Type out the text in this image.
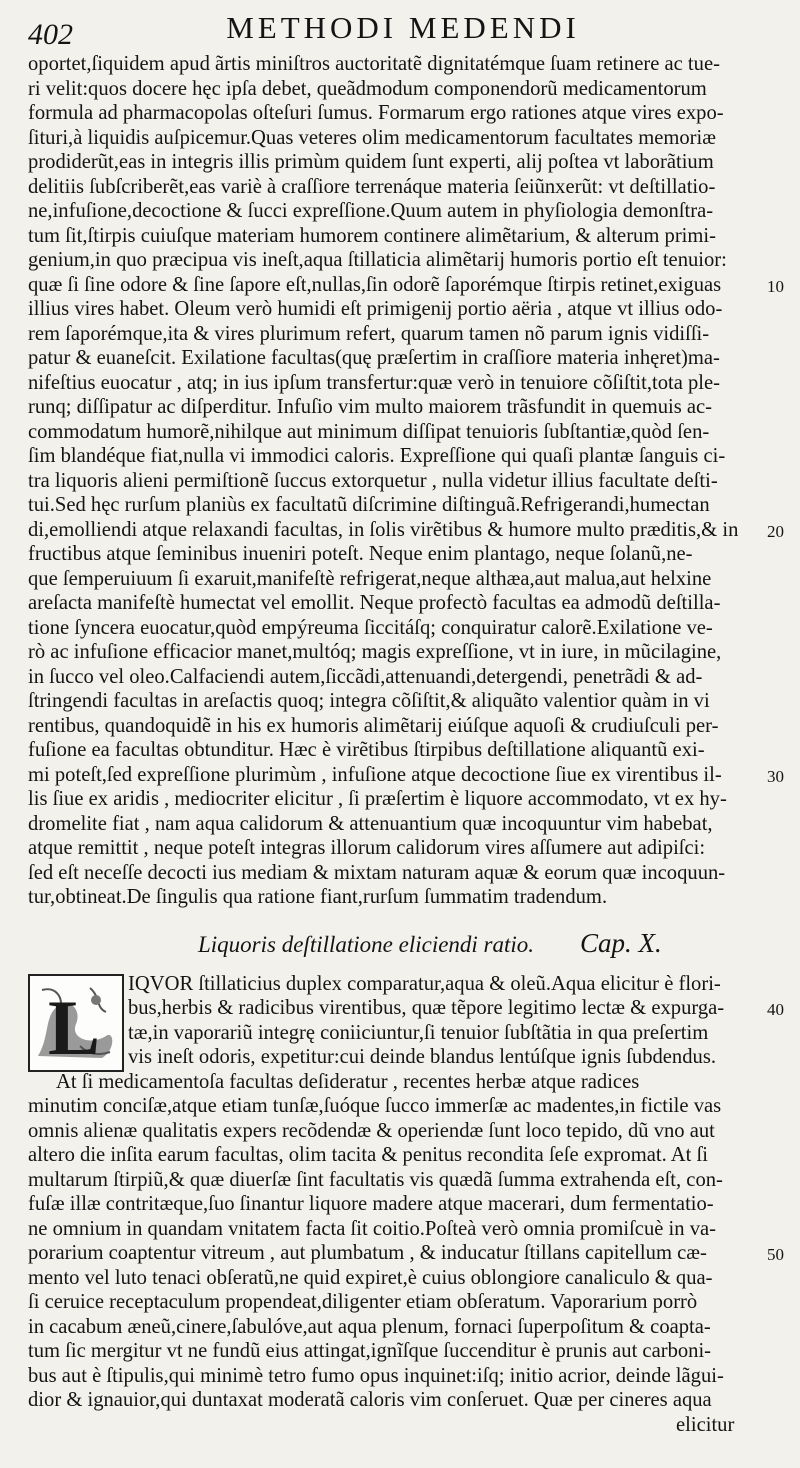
402	METHODI MEDENDI
oportet,ſiquidem apud ãrtis miniſtros auctoritatẽ dignitatémque ſuam retinere ac tue-
ri velit:quos docere hęc ipſa debet, queãdmodum componendorũ medicamentorum
formula ad pharmacopolas oſteſuri ſumus. Formarum ergo rationes atque vires expo-
ſituri,à liquidis auſpicemur.Quas veteres olim medicamentorum facultates memoriæ
prodiderũt,eas in integris illis primùm quidem ſunt experti, alij poſtea vt laborãtium
delitiis ſubſcriberẽt,eas variè à craſſiore terrenáque materia ſeiũnxerũt: vt deſtillatio-
ne,infuſione,decoctione & ſucci expreſſione.Quum autem in phyſiologia demonſtra-
tum ſit,ſtirpis cuiuſque materiam humorem continere alimẽtarium, & alterum primi-
genium,in quo præcipua vis ineſt,aqua ſtillaticia alimẽtarij humoris portio eſt tenuior:
quæ ſi ſine odore & ſine ſapore eſt,nullas,ſin odorẽ ſaporémque ſtirpis retinet,exiguas	10
illius vires habet. Oleum verò humidi eſt primigenij portio aëria , atque vt illius odo-
rem ſaporémque,ita & vires plurimum refert, quarum tamen nõ parum ignis vidiſſi-
patur & euaneſcit. Exilatione facultas(quę præſertim in craſſiore materia inhęret)ma-
nifeſtius euocatur , atq; in ius ipſum transfertur:quæ verò in tenuiore cõſiſtit,tota ple-
runq; diſſipatur ac diſperditur. Infuſio vim multo maiorem trãsfundit in quemuis ac-
commodatum humorẽ,nihilque aut minimum diſſipat tenuioris ſubſtantiæ,quòd ſen-
ſim blandéque fiat,nulla vi immodici caloris. Expreſſione qui quaſi plantæ ſanguis ci-
tra liquoris alieni permiſtionẽ ſuccus extorquetur , nulla videtur illius facultate deſti-
tui.Sed hęc rurſum planiùs ex facultatũ diſcrimine diſtinguã.Refrigerandi,humectan
di,emolliendi atque relaxandi facultas, in ſolis virẽtibus & humore multo præditis,& in 20
fructibus atque ſeminibus inueniri poteſt. Neque enim plantago, neque ſolanũ,ne-
que ſemperuiuum ſi exaruit,manifeſtè refrigerat,neque althæa,aut malua,aut helxine
areſacta manifeſtè humectat vel emollit. Neque profectò facultas ea admodũ deſtilla-
tione ſyncera euocatur,quòd empýreuma ſiccitáſq; conquiratur calorẽ.Exilatione ve-
rò ac infuſione efficacior manet,multóq; magis expreſſione, vt in iure, in mũcilagine,
in ſucco vel oleo.Calfaciendi autem,ſiccãdi,attenuandi,detergendi, penetrãdi & ad-
ſtringendi facultas in areſactis quoq; integra cõſiſtit,& aliquãto valentior quàm in vi
rentibus, quandoquidẽ in his ex humoris alimẽtarij eiúſque aquoſi & crudiuſculi per-
fuſione ea facultas obtunditur. Hæc è virẽtibus ſtirpibus deſtillatione aliquantũ exi-
mi poteſt,ſed expreſſione plurimùm , infuſione atque decoctione ſiue ex virentibus il-	30
lis ſiue ex aridis , mediocriter elicitur , ſi præſertim è liquore accommodato, vt ex hy-
dromelite fiat , nam aqua calidorum & attenuantium quæ incoquuntur vim habebat,
atque remittit , neque poteſt integras illorum calidorum vires aſſumere aut adipiſci:
ſed eſt neceſſe decocti ius mediam & mixtam naturam aquæ & eorum quæ incoquun-
tur,obtineat.De ſingulis qua ratione fiant,rurſum ſummatim tradendum.
Liquoris deſtillatione eliciendi ratio. Cap. X.
L	IQVOR ſtillaticius duplex comparatur,aqua & oleũ.Aqua elicitur è flori-
bus,herbis & radicibus virentibus, quæ tẽpore legitimo lectæ & expurga-	40
tæ,in vaporariũ integrę coniiciuntur,ſi tenuior ſubſtãtia in qua preſertim
vis ineſt odoris, expetitur:cui deinde blandus lentúſque ignis ſubdendus.
At ſi medicamentoſa facultas deſideratur , recentes herbæ atque radices
minutim conciſæ,atque etiam tunſæ,ſuóque ſucco immerſæ ac madentes,in fictile vas
omnis alienæ qualitatis expers recõdendæ & operiendæ ſunt loco tepido, dũ vno aut
altero die inſita earum facultas, olim tacita & penitus recondita ſeſe expromat. At ſi
multarum ſtirpiũ,& quæ diuerſæ ſint facultatis vis quædã ſumma extrahenda eſt, con-
fuſæ illæ contritæque,ſuo ſinantur liquore madere atque macerari, dum fermentatio-
ne omnium in quandam vnitatem facta ſit coitio.Poſteà verò omnia promiſcuè in va-
porarium coaptentur vitreum , aut plumbatum , & inducatur ſtillans capitellum cæ-	50
mento vel luto tenaci obſeratũ,ne quid expiret,è cuius oblongiore canaliculo & qua-
ſi ceruice receptaculum propendeat,diligenter etiam obſeratum. Vaporarium porrò
in cacabum æneũ,cinere,ſabulóve,aut aqua plenum, fornaci ſuperpoſitum & coapta-
tum ſic mergitur vt ne fundũ eius attingat,ignĩſque ſuccenditur è prunis aut carboni-
bus aut è ſtipulis,qui minimè tetro fumo opus inquinet:iſq; initio acrior, deinde lãgui-
dior & ignauior,qui duntaxat moderatã caloris vim conſeruet. Quæ per cineres aqua
elicitur
